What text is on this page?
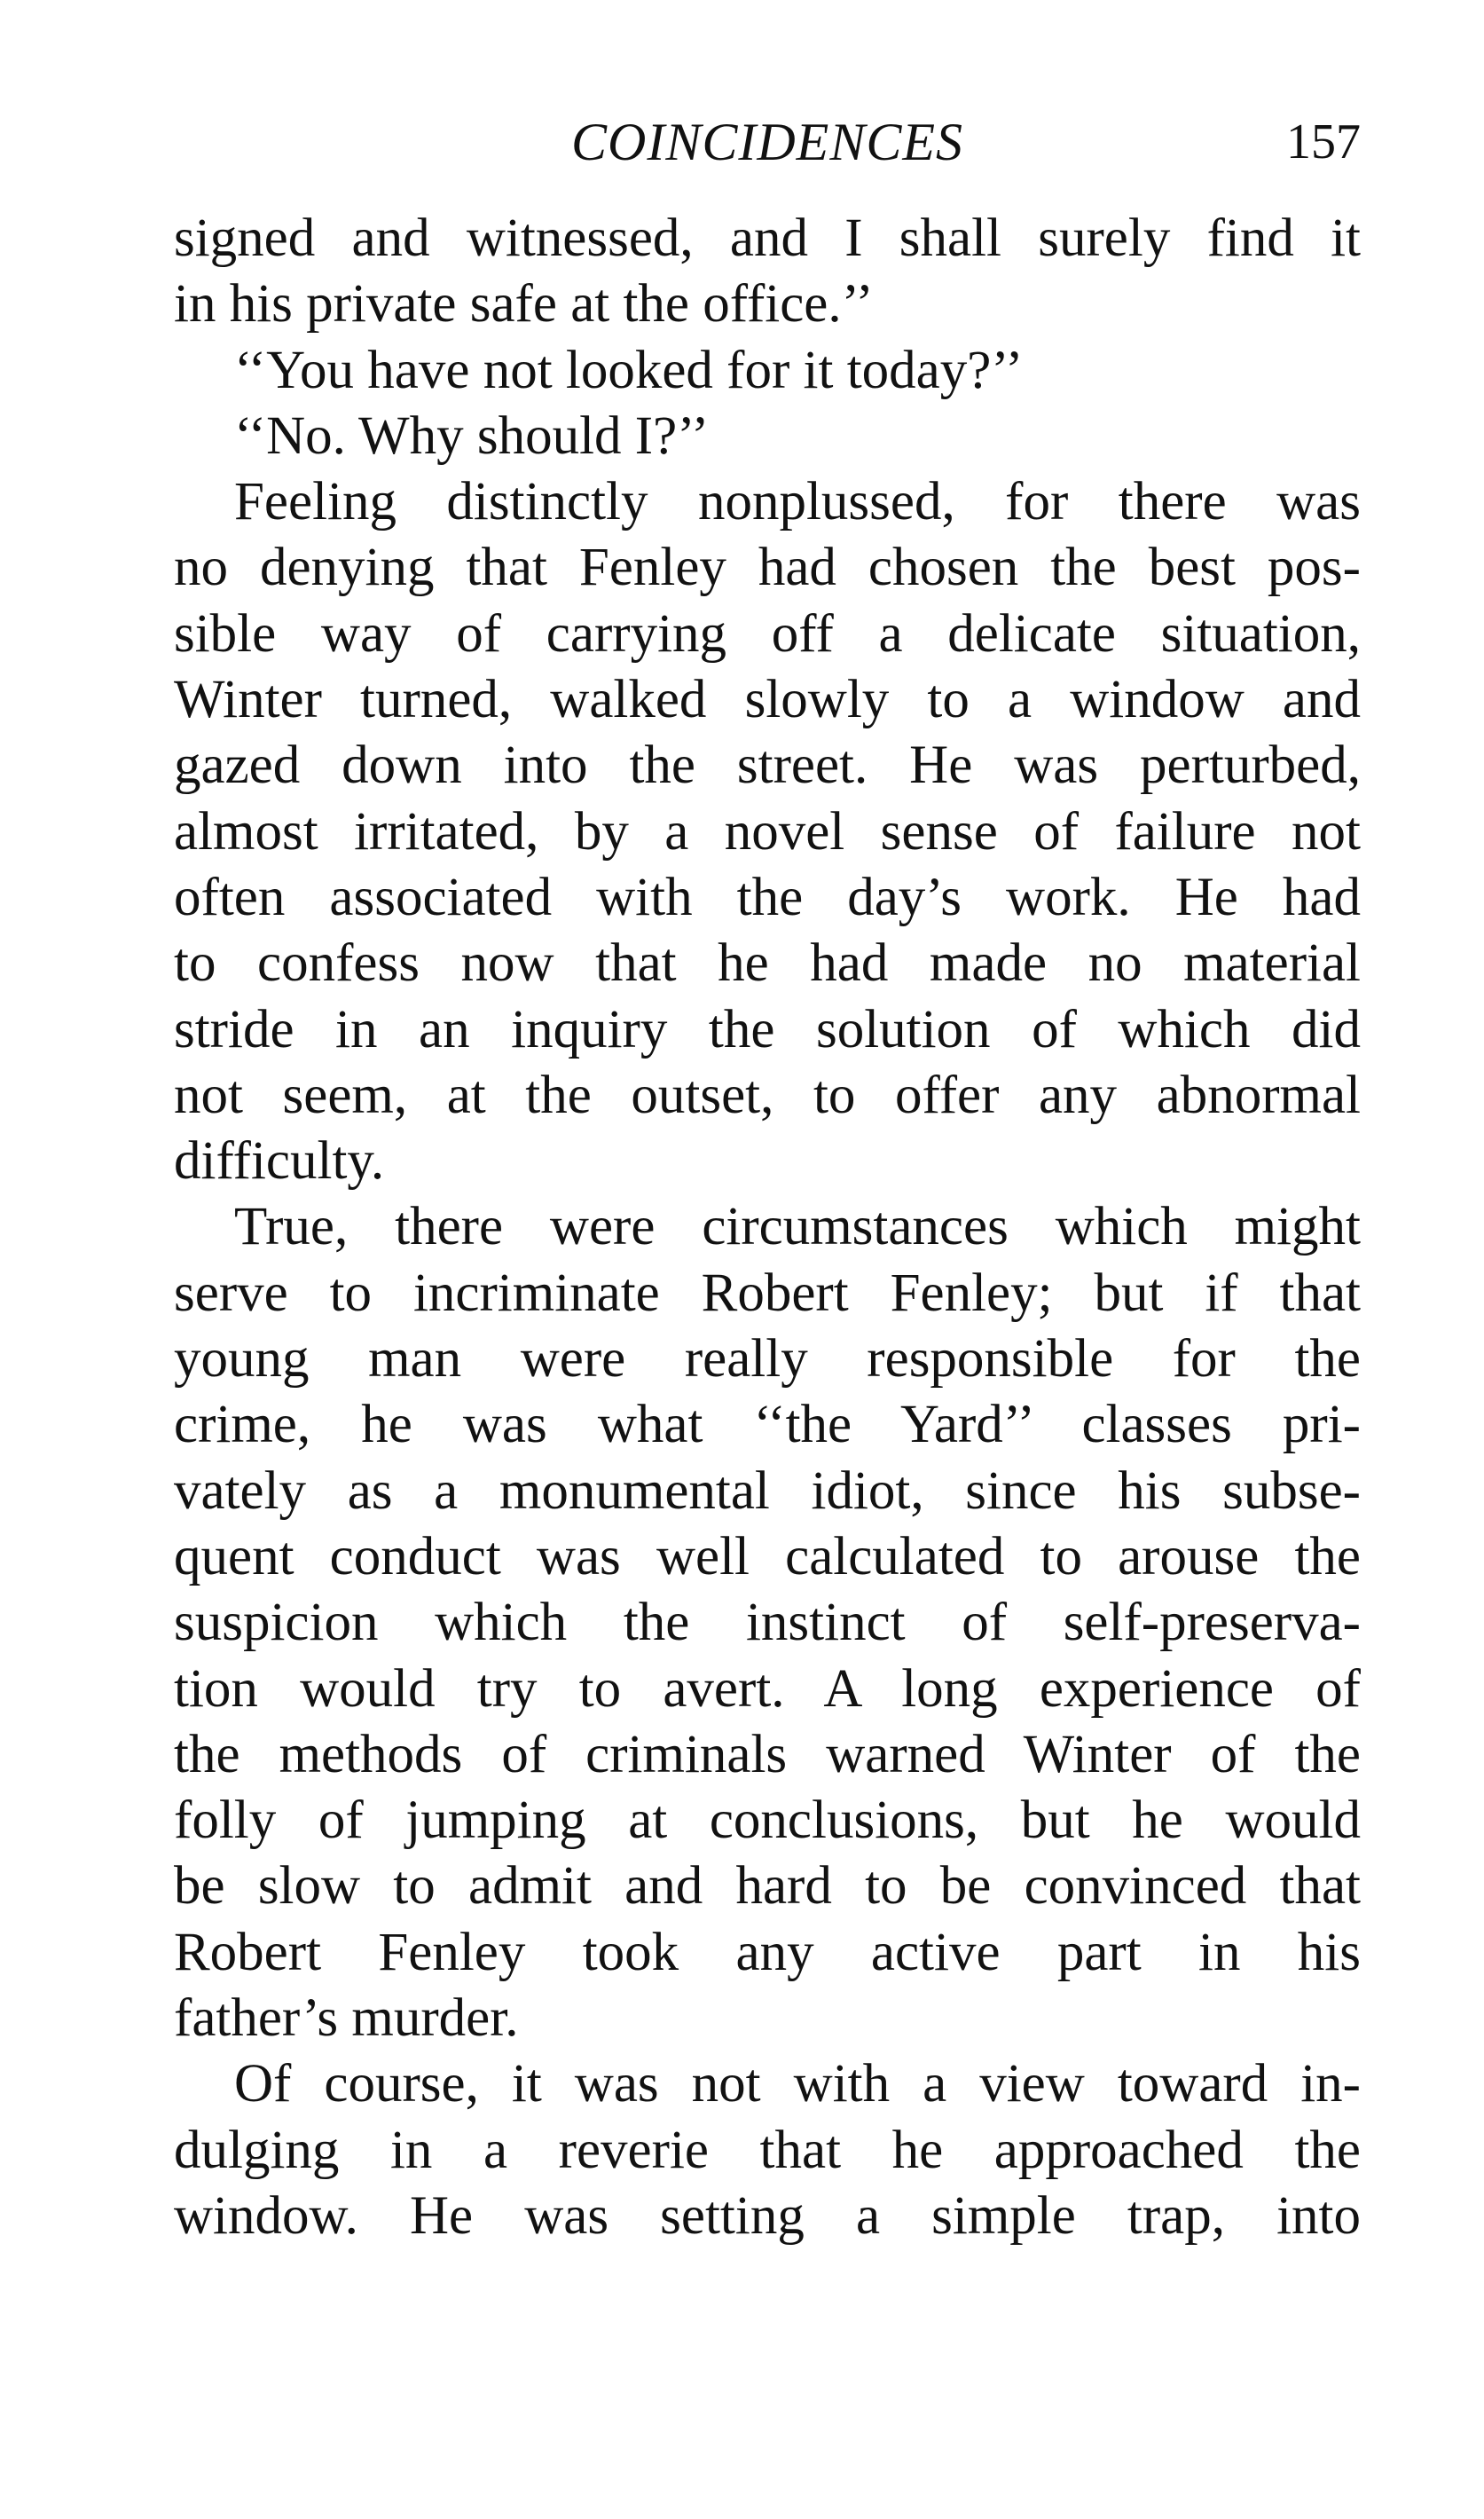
COINCIDENCES	157
signed and witnessed, and I shall surely find it
in his private safe at the office.’’
‘‘You have not looked for it today?’’
‘‘No. Why should I?’’
Feeling distinctly nonplussed, for there was
no denying that Fenley had chosen the best pos-
sible way of carrying off a delicate situation,
Winter turned, walked slowly to a window and
gazed down into the street. He was perturbed,
almost irritated, by a novel sense of failure not
often associated with the day’s work. He had
to confess now that he had made no material
stride in an inquiry the solution of which did
not seem, at the outset, to offer any abnormal
difficulty.
True, there were circumstances which might
serve to incriminate Robert Fenley; but if that
young man were really responsible for the
crime, he was what ‘‘the Yard’’ classes pri-
vately as a monumental idiot, since his subse-
quent conduct was well calculated to arouse the
suspicion which the instinct of self-preserva-
tion would try to avert. A long experience of
the methods of criminals warned Winter of the
folly of jumping at conclusions, but he would
be slow to admit and hard to be convinced that
Robert Fenley took any active part in his
father’s murder.
Of course, it was not with a view toward in-
dulging in a reverie that he approached the
window. He was setting a simple trap, into
